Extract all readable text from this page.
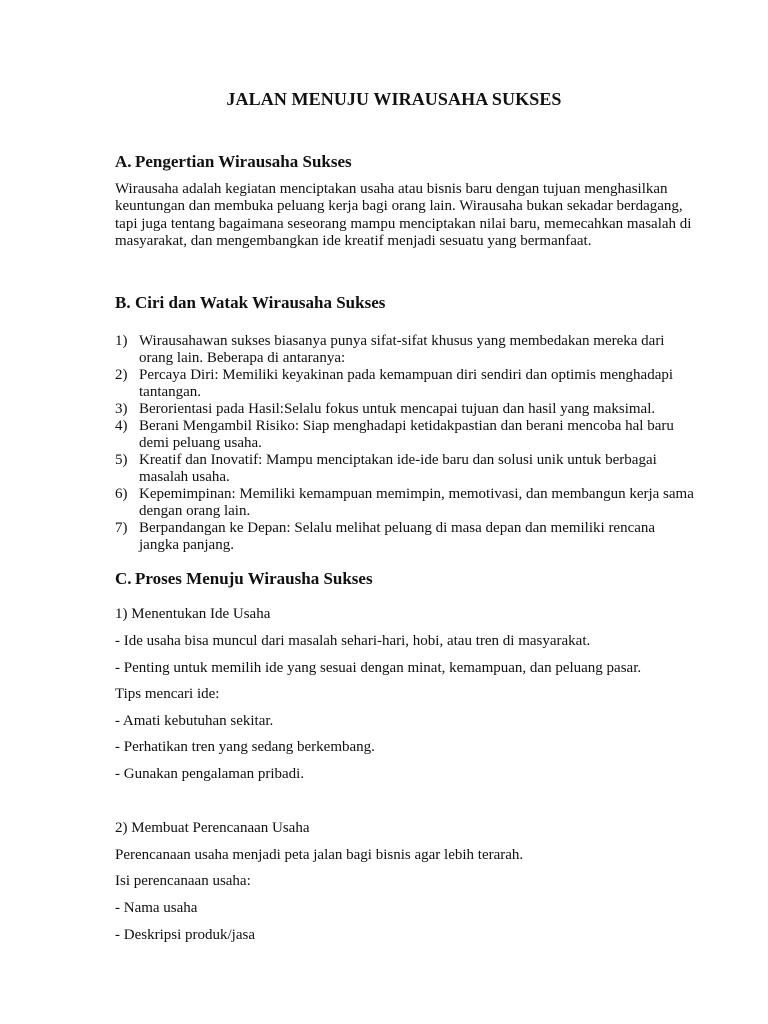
JALAN MENUJU WIRAUSAHA SUKSES
A. Pengertian Wirausaha Sukses
Wirausaha adalah kegiatan menciptakan usaha atau bisnis baru dengan tujuan menghasilkan keuntungan dan membuka peluang kerja bagi orang lain. Wirausaha bukan sekadar berdagang, tapi juga tentang bagaimana seseorang mampu menciptakan nilai baru, memecahkan masalah di masyarakat, dan mengembangkan ide kreatif menjadi sesuatu yang bermanfaat.
B. Ciri dan Watak Wirausaha Sukses
1) Wirausahawan sukses biasanya punya sifat-sifat khusus yang membedakan mereka dari orang lain. Beberapa di antaranya:
2) Percaya Diri: Memiliki keyakinan pada kemampuan diri sendiri dan optimis menghadapi tantangan.
3) Berorientasi pada Hasil:Selalu fokus untuk mencapai tujuan dan hasil yang maksimal.
4) Berani Mengambil Risiko: Siap menghadapi ketidakpastian dan berani mencoba hal baru demi peluang usaha.
5) Kreatif dan Inovatif: Mampu menciptakan ide-ide baru dan solusi unik untuk berbagai masalah usaha.
6) Kepemimpinan: Memiliki kemampuan memimpin, memotivasi, dan membangun kerja sama dengan orang lain.
7) Berpandangan ke Depan: Selalu melihat peluang di masa depan dan memiliki rencana jangka panjang.
C. Proses Menuju Wirausha Sukses
1) Menentukan Ide Usaha
- Ide usaha bisa muncul dari masalah sehari-hari, hobi, atau tren di masyarakat.
- Penting untuk memilih ide yang sesuai dengan minat, kemampuan, dan peluang pasar.
Tips mencari ide:
- Amati kebutuhan sekitar.
- Perhatikan tren yang sedang berkembang.
- Gunakan pengalaman pribadi.
2) Membuat Perencanaan Usaha
Perencanaan usaha menjadi peta jalan bagi bisnis agar lebih terarah.
Isi perencanaan usaha:
- Nama usaha
- Deskripsi produk/jasa
